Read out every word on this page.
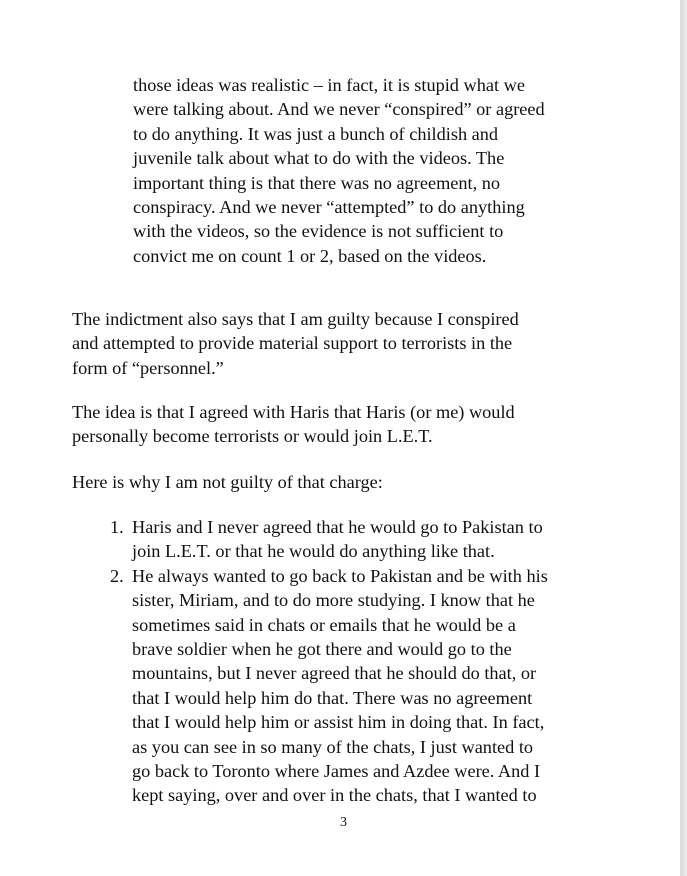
those ideas was realistic – in fact, it is stupid what we
were talking about. And we never “conspired” or agreed
to do anything. It was just a bunch of childish and
juvenile talk about what to do with the videos. The
important thing is that there was no agreement, no
conspiracy. And we never “attempted” to do anything
with the videos, so the evidence is not sufficient to
convict me on count 1 or 2, based on the videos.

The indictment also says that I am guilty because I conspired
and attempted to provide material support to terrorists in the
form of “personnel.”

The idea is that I agreed with Haris that Haris (or me) would
personally become terrorists or would join L.E.T.

Here is why I am not guilty of that charge:

1. Haris and I never agreed that he would go to Pakistan to
join L.E.T. or that he would do anything like that.
2. He always wanted to go back to Pakistan and be with his
sister, Miriam, and to do more studying. I know that he
sometimes said in chats or emails that he would be a
brave soldier when he got there and would go to the
mountains, but I never agreed that he should do that, or
that I would help him do that. There was no agreement
that I would help him or assist him in doing that. In fact,
as you can see in so many of the chats, I just wanted to
go back to Toronto where James and Azdee were. And I
kept saying, over and over in the chats, that I wanted to
3
